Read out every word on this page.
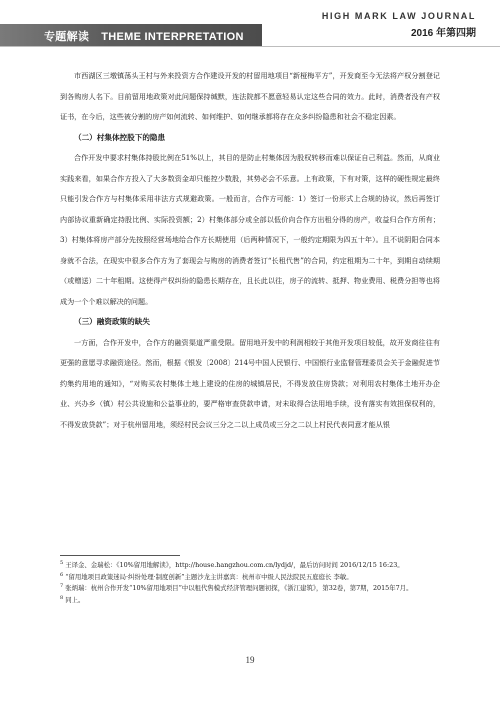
HIGH MARK LAW JOURNAL
2016 年第四期
专题解读 THEME INTERPRETATION

市西湖区三墩镇荡头王村与外来投资方合作建设开发的村留用地项目“新桠梅平方”，开发商至今无法将产权分割登记到各购房人名下。目前留用地政策对此问题保持缄默，连法院都不愿意轻易认定这些合同的效力。此时，消费者没有产权证书，在今后，这些被分割的房产如何流转、如何维护、如何继承都将存在众多纠纷隐患和社会不稳定因素。

（二）村集体控股下的隐患

合作开发中要求村集体持股比例在51%以上，其目的是防止村集体因为股权转移而难以保证自己利益。然而，从商业实践来看，如果合作方投入了大多数资金却只能控少数股，其势必会不乐意。上有政策，下有对策，这样的硬性规定最终只能引发合作方与村集体采用非法方式规避政策。一般而言，合作方可能：1）签订一份形式上合规的协议，然后再签订内部协议重新确定持股比例、实际投资额；2）村集体部分或全部以低价向合作方出租分得的房产，收益归合作方所有；3）村集体将房产部分先按照经营场地给合作方长期使用（后两种情况下，一般约定期限为四五十年）。且不说阴阳合同本身就不合法，在现实中很多合作方为了套现会与购房的消费者签订“长租代售”的合同，约定租期为二十年，到期自动续期（或赠送）二十年租期。这使得产权纠纷的隐患长期存在，且长此以往，房子的流转、抵押、物业费用、税费分担等也将成为一个个难以解决的问题。

（三）融资政策的缺失

一方面，合作开发中，合作方的融资渠道严重受限。留用地开发中的利润相较于其他开发项目较低，故开发商往往有更强的意愿寻求融资途径。然而，根据《银发〔2008〕214号中国人民银行、中国银行业监督管理委员会关于金融促进节约集约用地的通知》，“对购买农村集体土地上建设的住房的城镇居民，不得发放住房贷款；对利用农村集体土地开办企业、兴办乡（镇）村公共设施和公益事业的，要严格审查贷款申请，对未取得合法用地手续，没有落实有效担保权利的，不得发放贷款”；对于杭州留用地，须经村民会议三分之二以上成员或三分之二以上村民代表同意才能从银

$^5$ 王译金、金瑞松：《10%留用地解读》，http://house.hangzhou.com.cn/lydjd/，最后访问时间 2016/12/15 16:23。

$^6$ “留用地项目政策迷局·纠纷处理·制度创新”主题沙龙主讲嘉宾：杭州市中级人民法院民五庭庭长 李敏。

$^7$ 张炳瑞：杭州合作开发“10%留用地项目”中以租代售模式经济管理问题初探，《浙江建筑》，第32卷，第7期，2015年7月。

$^8$ 同上。

19
